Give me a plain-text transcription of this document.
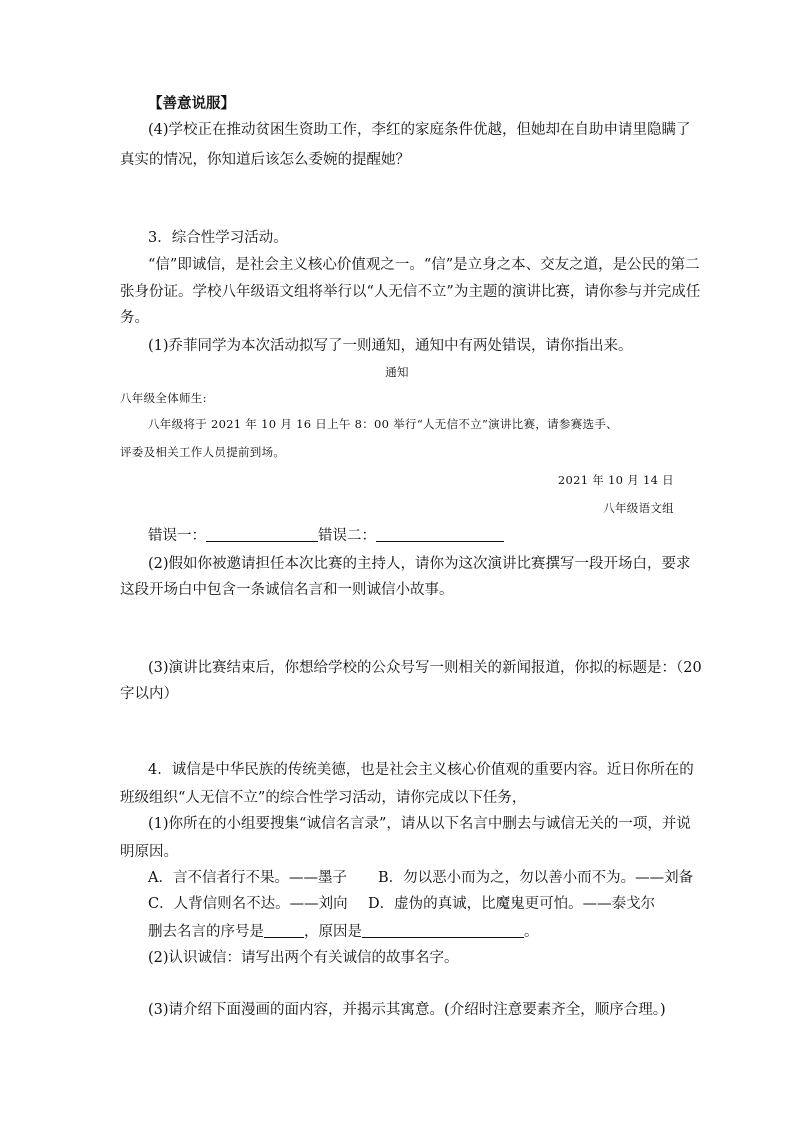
【善意说服】
(4)学校正在推动贫困生资助工作，李红的家庭条件优越，但她却在自助申请里隐瞒了
真实的情况，你知道后该怎么委婉的提醒她？
3．综合性学习活动。
“信”即诚信，是社会主义核心价值观之一。“信”是立身之本、交友之道，是公民的第二
张身份证。学校八年级语文组将举行以“人无信不立”为主题的演讲比赛，请你参与并完成任
务。
(1)乔菲同学为本次活动拟写了一则通知，通知中有两处错误，请你指出来。
通知
八年级全体师生:
八年级将于 2021 年 10 月 16 日上午 8：00 举行“人无信不立”演讲比赛，请参赛选手、
评委及相关工作人员提前到场。
2021 年 10 月 14 日
八年级语文组
错误一：	错误二：
(2)假如你被邀请担任本次比赛的主持人，请你为这次演讲比赛撰写一段开场白，要求
这段开场白中包含一条诚信名言和一则诚信小故事。
(3)演讲比赛结束后，你想给学校的公众号写一则相关的新闻报道，你拟的标题是：（20
字以内）
4．诚信是中华民族的传统美德，也是社会主义核心价值观的重要内容。近日你所在的
班级组织“人无信不立”的综合性学习活动，请你完成以下任务，
(1)你所在的小组要搜集“诚信名言录”，请从以下名言中删去与诚信无关的一项，并说
明原因。
A．言不信者行不果。——墨子 B．勿以恶小而为之，勿以善小而不为。——刘备
C．人背信则名不达。——刘向 D．虚伪的真诚，比魔鬼更可怕。——泰戈尔
删去名言的序号是	，原因是	。
(2)认识诚信：请写出两个有关诚信的故事名字。
(3)请介绍下面漫画的面内容，并揭示其寓意。(介绍时注意要素齐全，顺序合理。)
